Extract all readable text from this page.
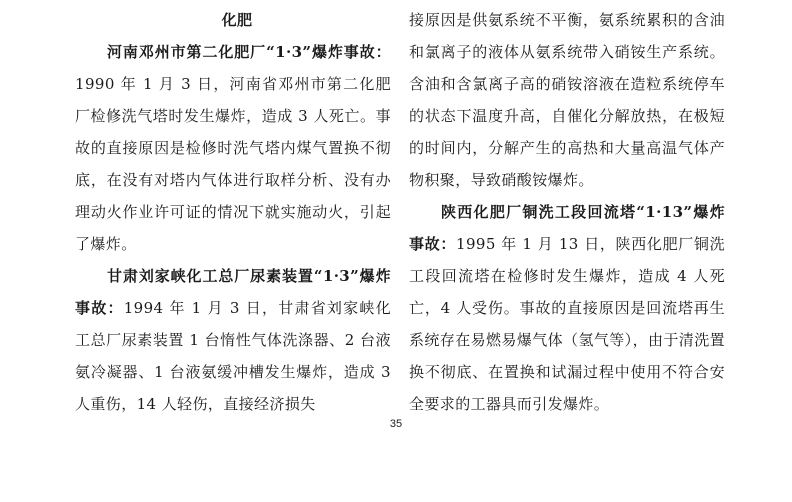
化肥

河南邓州市第二化肥厂“1·3”爆炸事故：1990 年 1 月 3 日，河南省邓州市第二化肥厂检修洗气塔时发生爆炸，造成 3 人死亡。事故的直接原因是检修时洗气塔内煤气置换不彻底，在没有对塔内气体进行取样分析、没有办理动火作业许可证的情况下就实施动火，引起了爆炸。

甘肃刘家峡化工总厂尿素装置“1·3”爆炸事故：1994 年 1 月 3 日，甘肃省刘家峡化工总厂尿素装置 1 台惰性气体洗涤器、2 台液氨冷凝器、1 台液氨缓冲槽发生爆炸，造成 3 人重伤，14 人轻伤，直接经济损失

接原因是供氨系统不平衡，氨系统累积的含油和氯离子的液体从氨系统带入硝铵生产系统。含油和含氯离子高的硝铵溶液在造粒系统停车的状态下温度升高，自催化分解放热，在极短的时间内，分解产生的高热和大量高温气体产物积聚，导致硝酸铵爆炸。

陕西化肥厂铜洗工段回流塔“1·13”爆炸事故：1995 年 1 月 13 日，陕西化肥厂铜洗工段回流塔在检修时发生爆炸，造成 4 人死亡，4 人受伤。事故的直接原因是回流塔再生系统存在易燃易爆气体（氢气等），由于清洗置换不彻底、在置换和试漏过程中使用不符合安全要求的工器具而引发爆炸。

35
